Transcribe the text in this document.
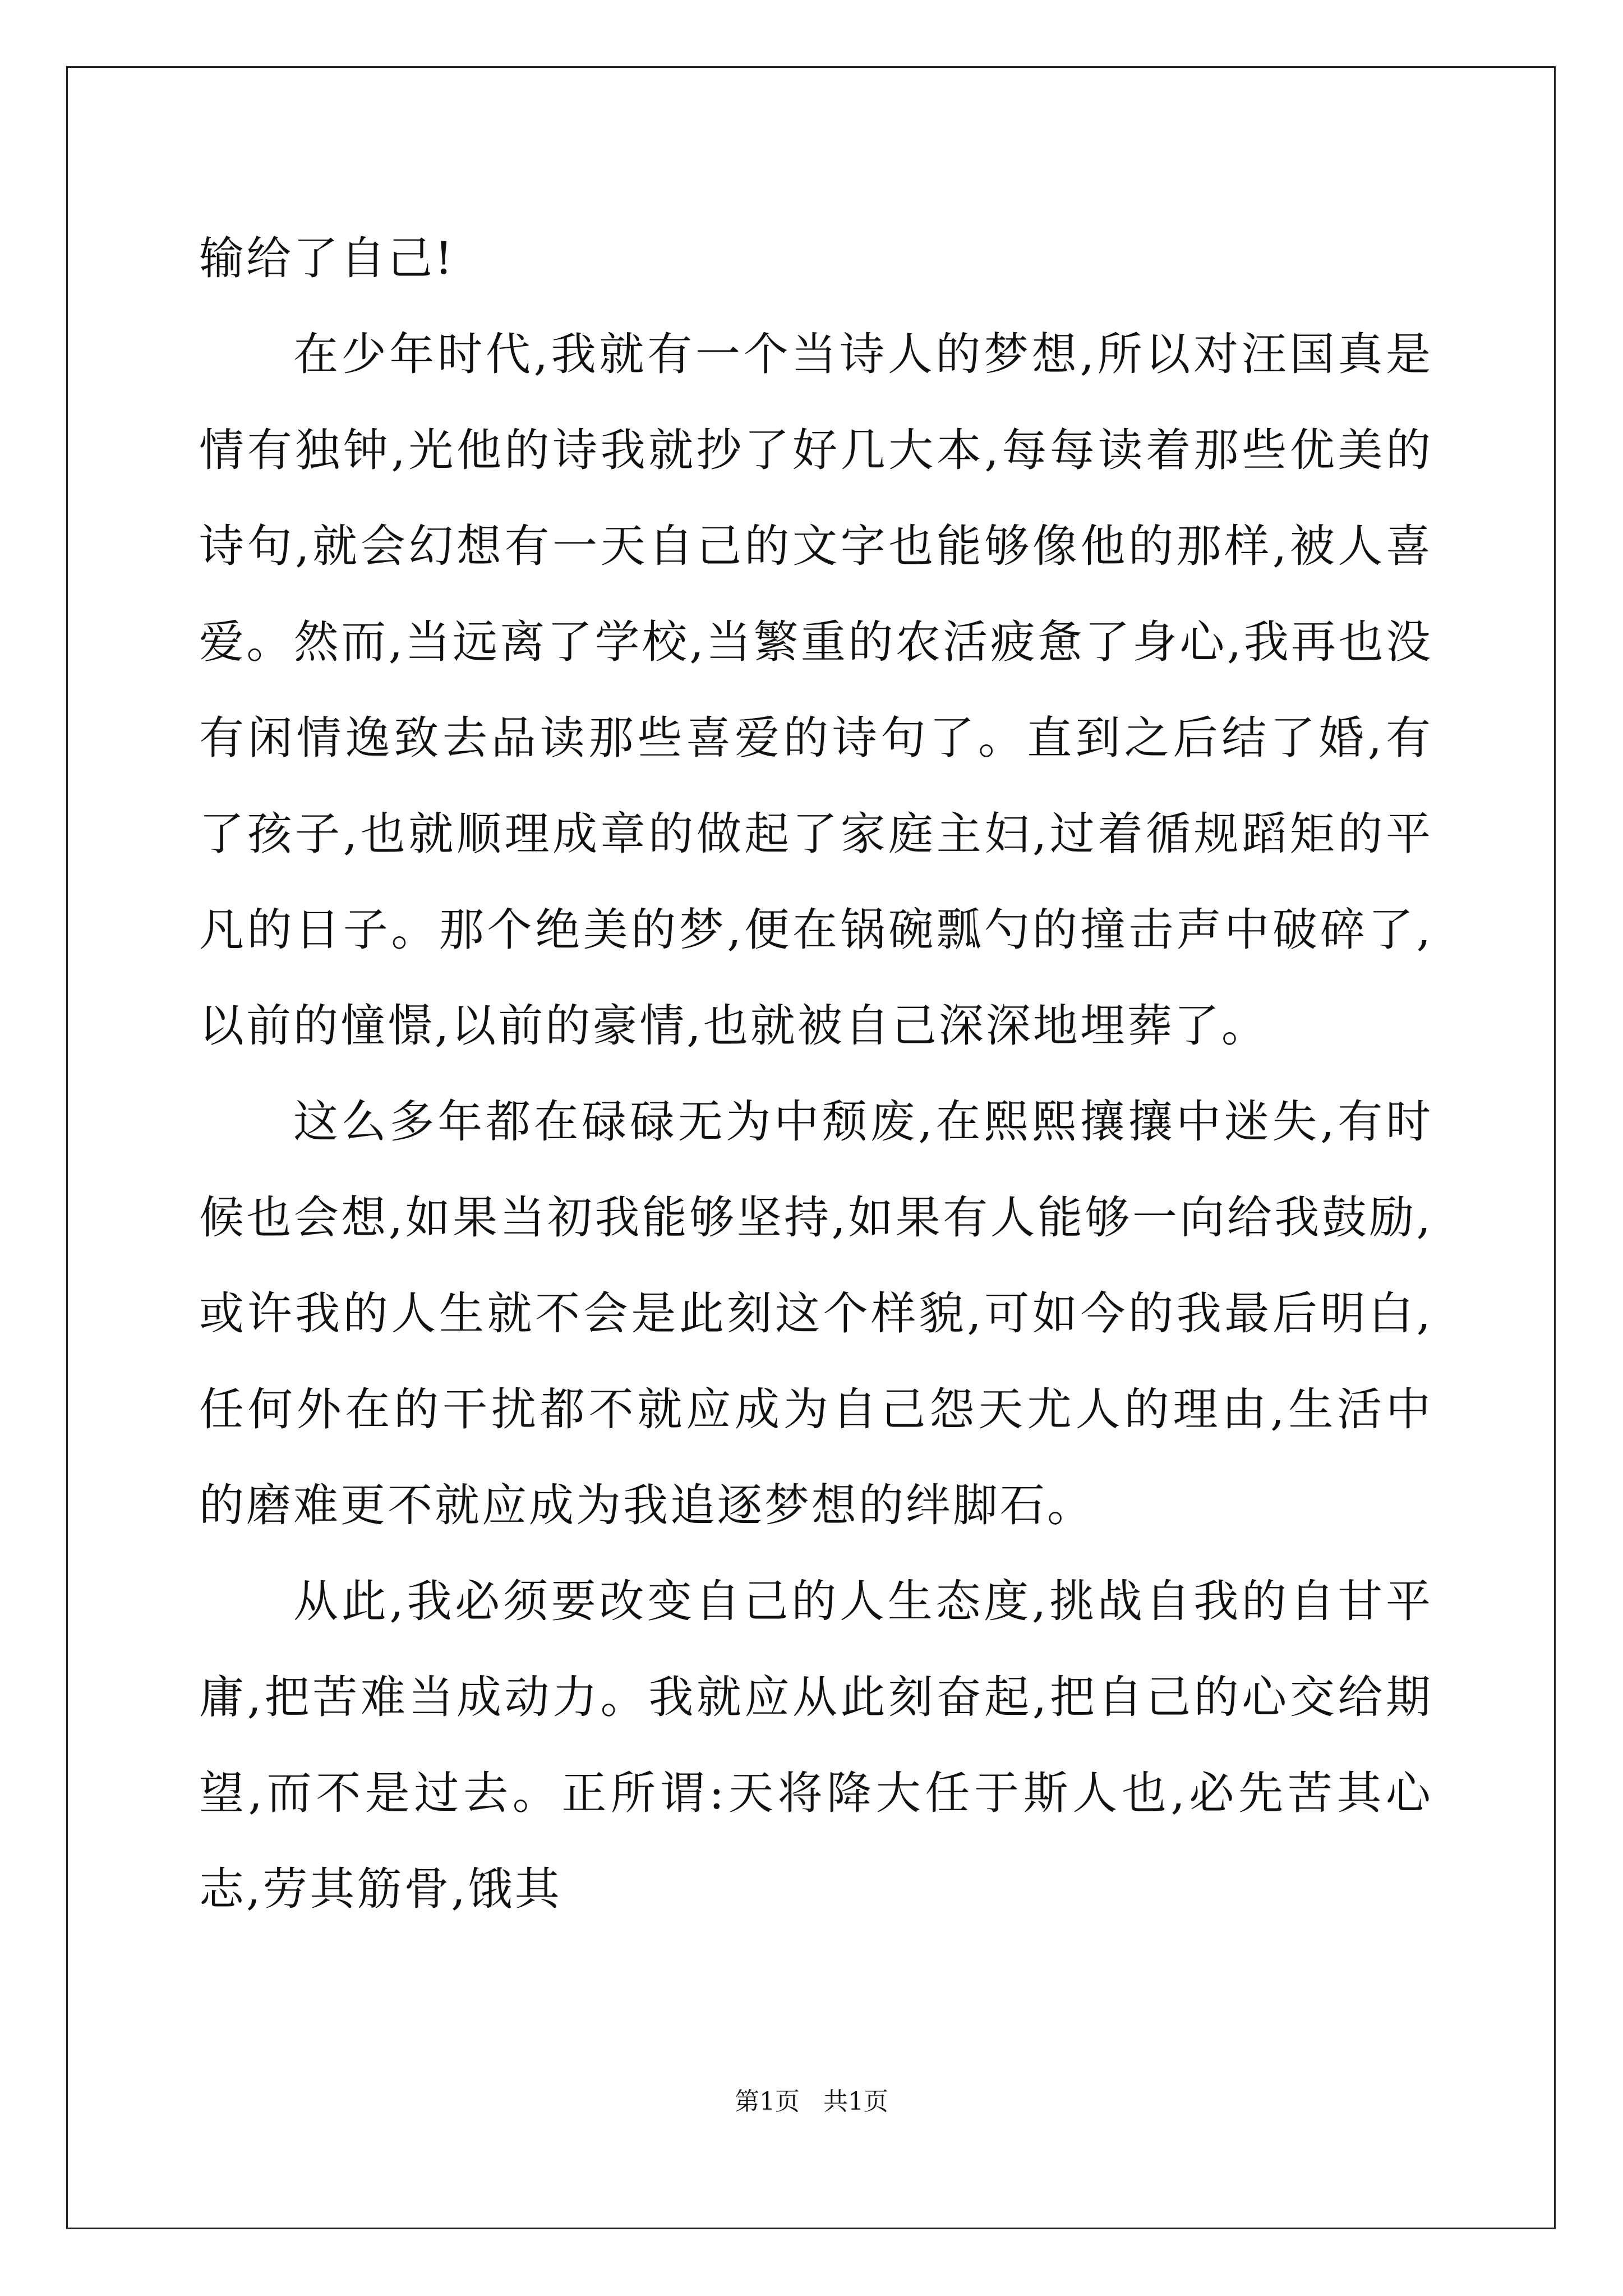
输给了自己!

在少年时代,我就有一个当诗人的梦想,所以对汪国真是情有独钟,光他的诗我就抄了好几大本,每每读着那些优美的诗句,就会幻想有一天自己的文字也能够像他的那样,被人喜爱。然而,当远离了学校,当繁重的农活疲惫了身心,我再也没有闲情逸致去品读那些喜爱的诗句了。直到之后结了婚,有了孩子,也就顺理成章的做起了家庭主妇,过着循规蹈矩的平凡的日子。那个绝美的梦,便在锅碗瓢勺的撞击声中破碎了,以前的憧憬,以前的豪情,也就被自己深深地埋葬了。

这么多年都在碌碌无为中颓废,在熙熙攘攘中迷失,有时候也会想,如果当初我能够坚持,如果有人能够一向给我鼓励,或许我的人生就不会是此刻这个样貌,可如今的我最后明白,任何外在的干扰都不就应成为自己怨天尤人的理由,生活中的磨难更不就应成为我追逐梦想的绊脚石。

从此,我必须要改变自己的人生态度,挑战自我的自甘平庸,把苦难当成动力。我就应从此刻奋起,把自己的心交给期望,而不是过去。正所谓:天将降大任于斯人也,必先苦其心志,劳其筋骨,饿其

第1页   共1页
